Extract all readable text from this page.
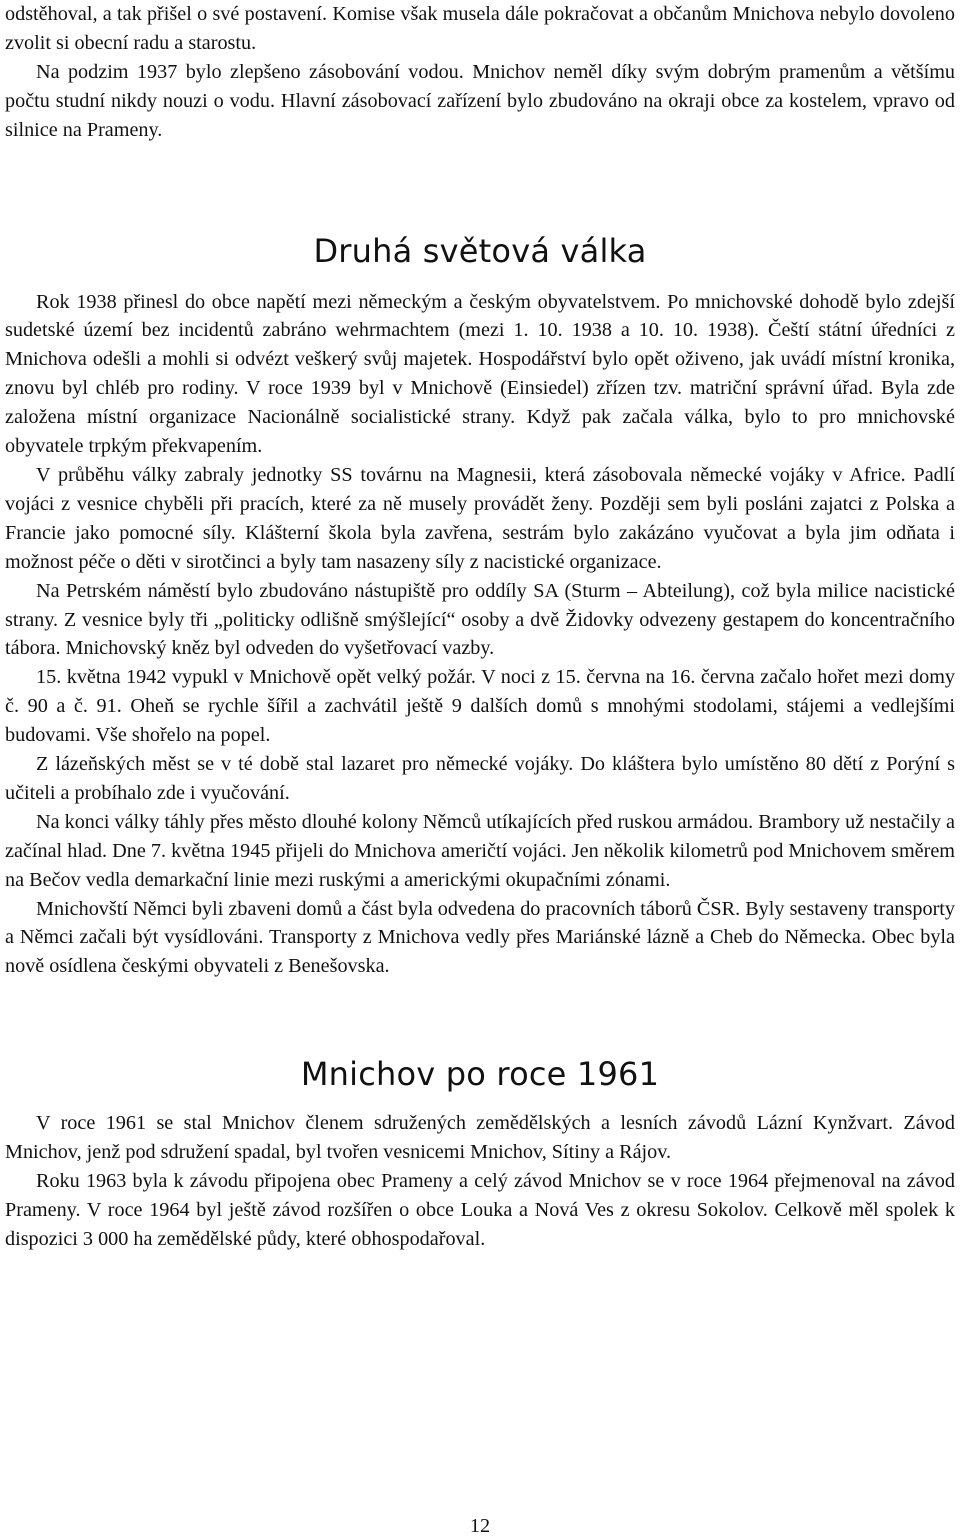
odstěhoval, a tak přišel o své postavení. Komise však musela dále pokračovat a občanům Mnichova nebylo dovoleno zvolit si obecní radu a starostu.

Na podzim 1937 bylo zlepšeno zásobování vodou. Mnichov neměl díky svým dobrým pramenům a většímu počtu studní nikdy nouzi o vodu. Hlavní zásobovací zařízení bylo zbudováno na okraji obce za kostelem, vpravo od silnice na Prameny.

Druhá světová válka

Rok 1938 přinesl do obce napětí mezi německým a českým obyvatelstvem. Po mnichovské dohodě bylo zdejší sudetské území bez incidentů zabráno wehrmachtem (mezi 1. 10. 1938 a 10. 10. 1938). Čeští státní úředníci z Mnichova odešli a mohli si odvézt veškerý svůj majetek. Hospodářství bylo opět oživeno, jak uvádí místní kronika, znovu byl chléb pro rodiny. V roce 1939 byl v Mnichově (Einsiedel) zřízen tzv. matriční správní úřad. Byla zde založena místní organizace Nacionálně socialistické strany. Když pak začala válka, bylo to pro mnichovské obyvatele trpkým překvapením.

V průběhu války zabraly jednotky SS továrnu na Magnesii, která zásobovala německé vojáky v Africe. Padlí vojáci z vesnice chyběli při pracích, které za ně musely provádět ženy. Později sem byli posláni zajatci z Polska a Francie jako pomocné síly. Klášterní škola byla zavřena, sestrám bylo zakázáno vyučovat a byla jim odňata i možnost péče o děti v sirotčinci a byly tam nasazeny síly z nacistické organizace.

Na Petrském náměstí bylo zbudováno nástupiště pro oddíly SA (Sturm – Abteilung), což byla milice nacistické strany. Z vesnice byly tři „politicky odlišně smýšlející“ osoby a dvě Židovky odvezeny gestapem do koncentračního tábora. Mnichovský kněz byl odveden do vyšetřovací vazby.

15. května 1942 vypukl v Mnichově opět velký požár. V noci z 15. června na 16. června začalo hořet mezi domy č. 90 a č. 91. Oheň se rychle šířil a zachvátil ještě 9 dalších domů s mnohými stodolami, stájemi a vedlejšími budovami. Vše shořelo na popel.

Z lázeňských měst se v té době stal lazaret pro německé vojáky. Do kláštera bylo umístěno 80 dětí z Porýní s učiteli a probíhalo zde i vyučování.

Na konci války táhly přes město dlouhé kolony Němců utíkajících před ruskou armádou. Brambory už nestačily a začínal hlad. Dne 7. května 1945 přijeli do Mnichova američtí vojáci. Jen několik kilometrů pod Mnichovem směrem na Bečov vedla demarkační linie mezi ruskými a americkými okupačními zónami.

Mnichovští Němci byli zbaveni domů a část byla odvedena do pracovních táborů ČSR. Byly sestaveny transporty a Němci začali být vysídlováni. Transporty z Mnichova vedly přes Mariánské lázně a Cheb do Německa. Obec byla nově osídlena českými obyvateli z Benešovska.

Mnichov po roce 1961

V roce 1961 se stal Mnichov členem sdružených zemědělských a lesních závodů Lázní Kynžvart. Závod Mnichov, jenž pod sdružení spadal, byl tvořen vesnicemi Mnichov, Sítiny a Rájov.

Roku 1963 byla k závodu připojena obec Prameny a celý závod Mnichov se v roce 1964 přejmenoval na závod Prameny. V roce 1964 byl ještě závod rozšířen o obce Louka a Nová Ves z okresu Sokolov. Celkově měl spolek k dispozici 3 000 ha zemědělské půdy, které obhospodařoval.

12
